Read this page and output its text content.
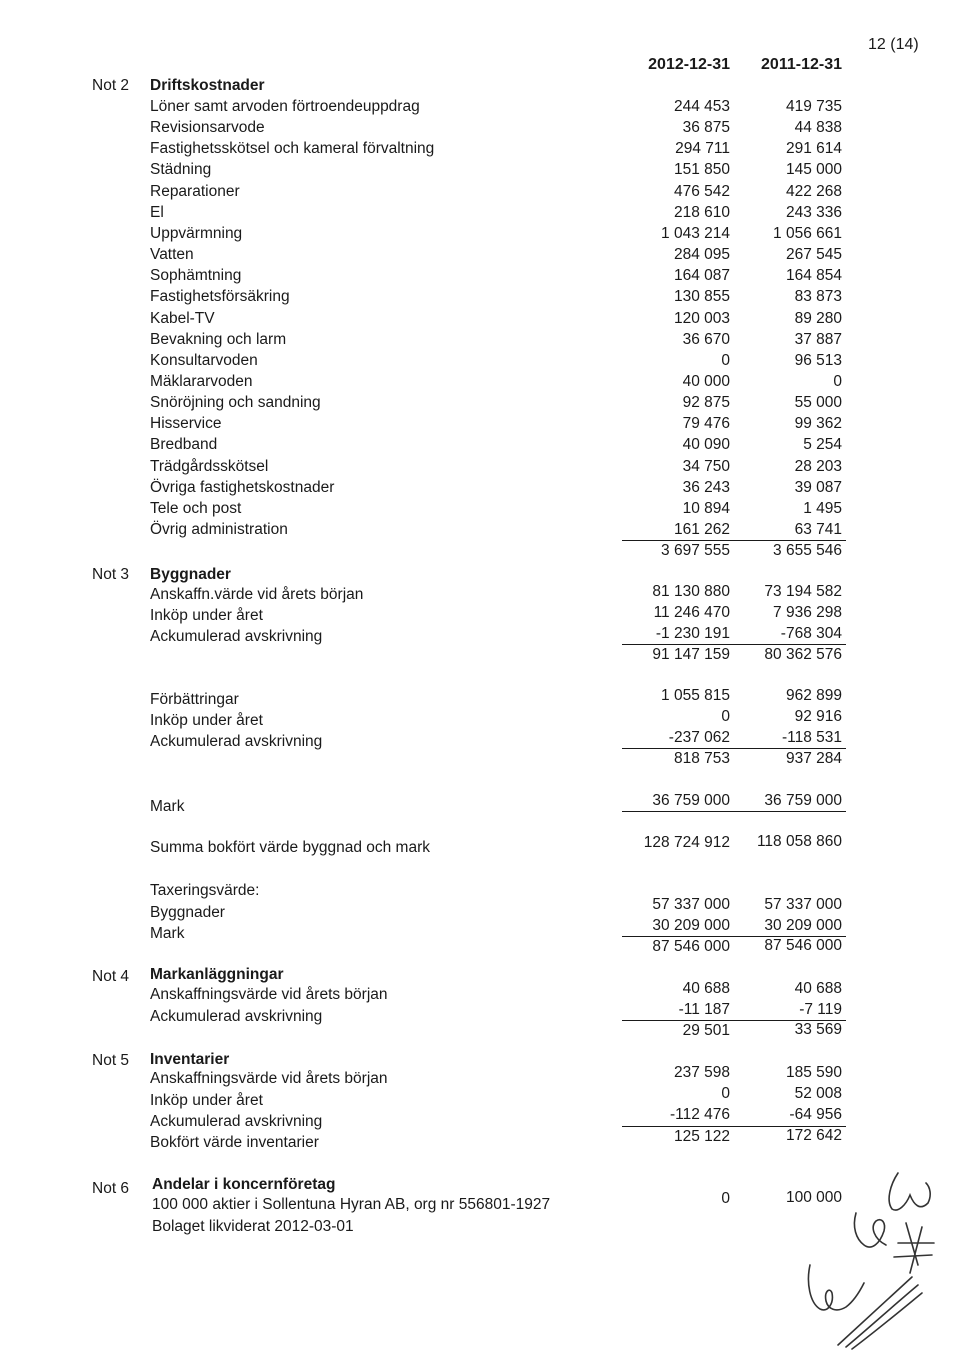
12 (14)
2012-12-31	2011-12-31
Not 2 Driftskostnader
Löner samt arvoden förtroendeuppdrag	244 453	419 735
Revisionsarvode	36 875	44 838
Fastighetsskötsel och kameral förvaltning	294 711	291 614
Städning	151 850	145 000
Reparationer	476 542	422 268
El	218 610	243 336
Uppvärmning	1 043 214	1 056 661
Vatten	284 095	267 545
Sophämtning	164 087	164 854
Fastighetsförsäkring	130 855	83 873
Kabel-TV	120 003	89 280
Bevakning och larm	36 670	37 887
Konsultarvoden	0	96 513
Mäklararvoden	40 000	0
Snöröjning och sandning	92 875	55 000
Hisservice	79 476	99 362
Bredband	40 090	5 254
Trädgårdsskötsel	34 750	28 203
Övriga fastighetskostnader	36 243	39 087
Tele och post	10 894	1 495
Övrig administration	161 262	63 741
3 697 555	3 655 546
Not 3 Byggnader
Anskaffn.värde vid årets början	81 130 880	73 194 582
Inköp under året	11 246 470	7 936 298
Ackumulerad avskrivning	-1 230 191	-768 304
91 147 159	80 362 576
Förbättringar	1 055 815	962 899
Inköp under året	0	92 916
Ackumulerad avskrivning	-237 062	-118 531
818 753	937 284
Mark	36 759 000	36 759 000
Summa bokfört värde byggnad och mark	128 724 912	118 058 860
Taxeringsvärde:
Byggnader	57 337 000	57 337 000
Mark	30 209 000	30 209 000
87 546 000	87 546 000
Not 4 Markanläggningar
Anskaffningsvärde vid årets början	40 688	40 688
Ackumulerad avskrivning	-11 187	-7 119
29 501	33 569
Not 5 Inventarier
Anskaffningsvärde vid årets början	237 598	185 590
Inköp under året	0	52 008
Ackumulerad avskrivning	-112 476	-64 956
Bokfört värde inventarier	125 122	172 642
Not 6 Andelar i koncernföretag
100 000 aktier i Sollentuna Hyran AB, org nr 556801-1927
Bolaget likviderat 2012-03-01
0	100 000
